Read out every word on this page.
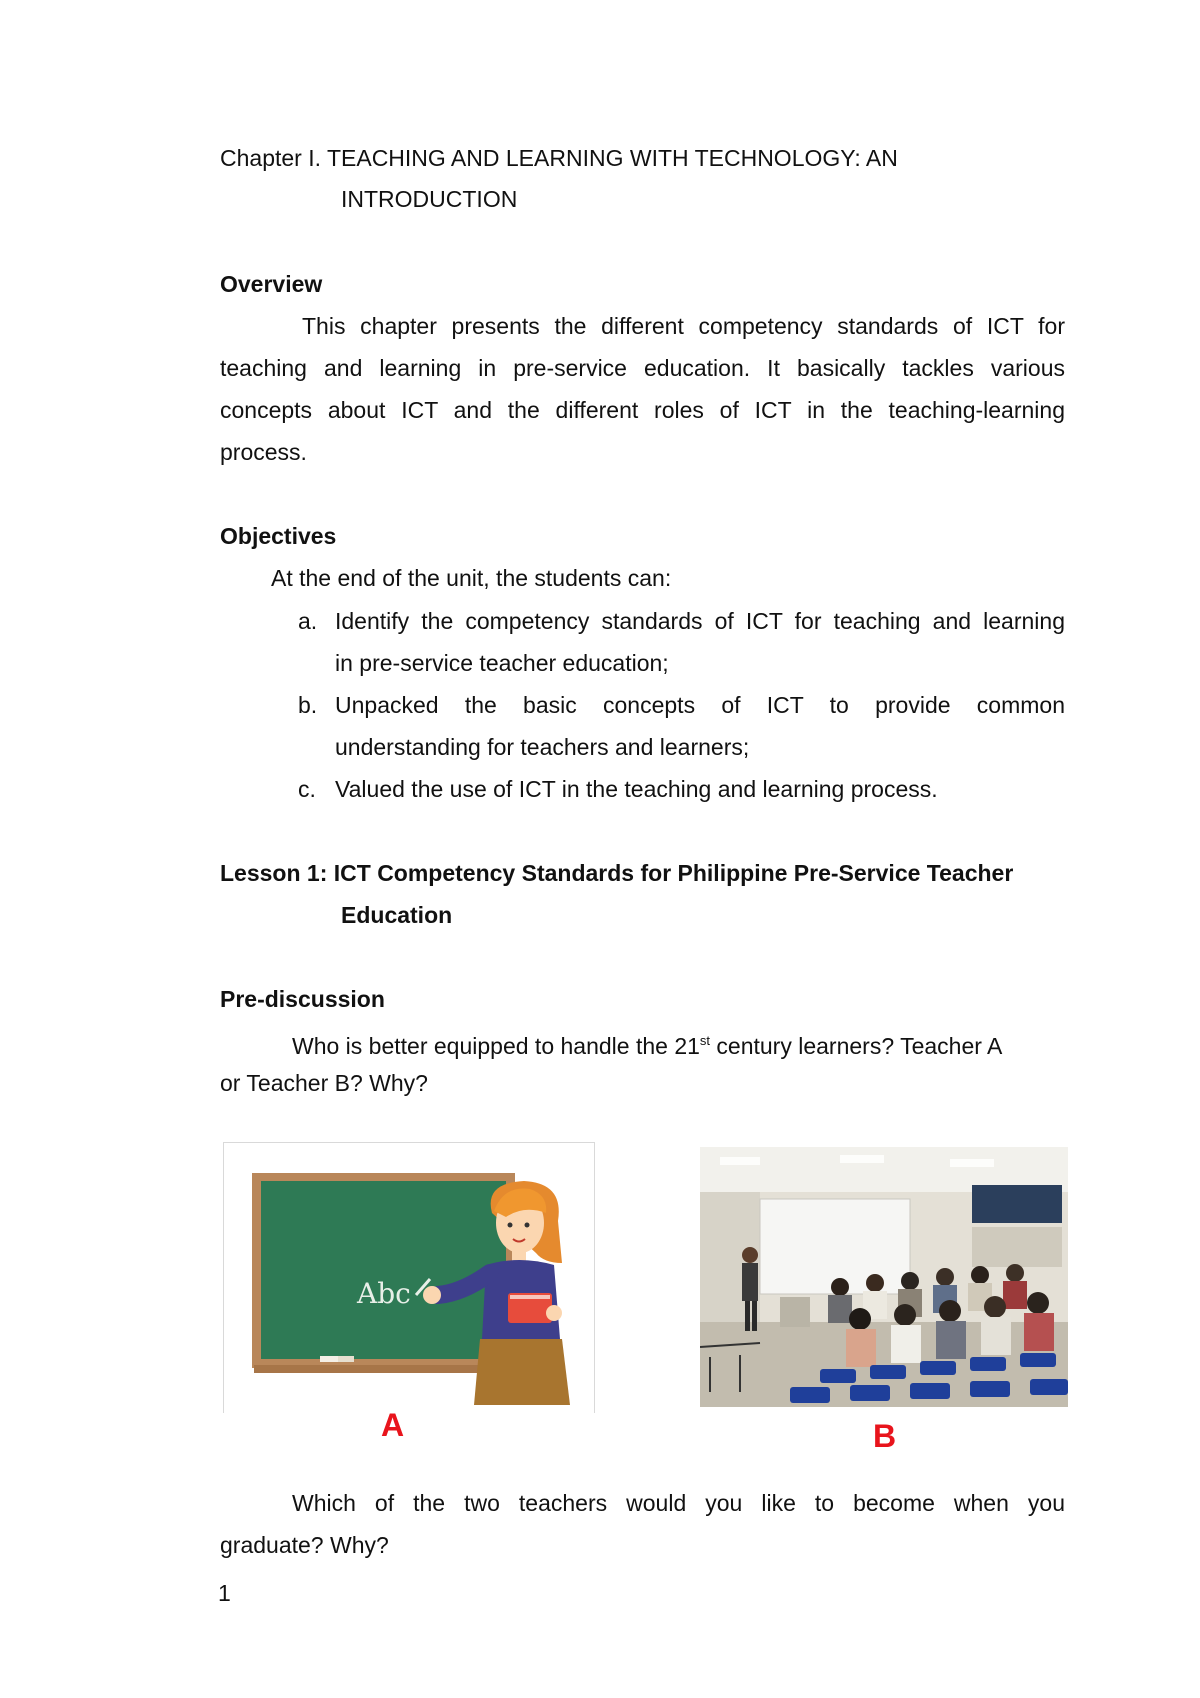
Chapter I. TEACHING AND LEARNING WITH TECHNOLOGY: AN
INTRODUCTION
Overview
This chapter presents the different competency standards of ICT for
teaching and learning in pre-service education. It basically tackles various
concepts about ICT and the different roles of ICT in the teaching-learning
process.
Objectives
At the end of the unit, the students can:
a. Identify the competency standards of ICT for teaching and learning
in pre-service teacher education;
b. Unpacked the basic concepts of ICT to provide common
understanding for teachers and learners;
c. Valued the use of ICT in the teaching and learning process.
Lesson 1: ICT Competency Standards for Philippine Pre-Service Teacher
Education
Pre-discussion
Who is better equipped to handle the 21st century learners? Teacher A
or Teacher B? Why?
Abc
A	B
Which of the two teachers would you like to become when you
graduate? Why?
1
